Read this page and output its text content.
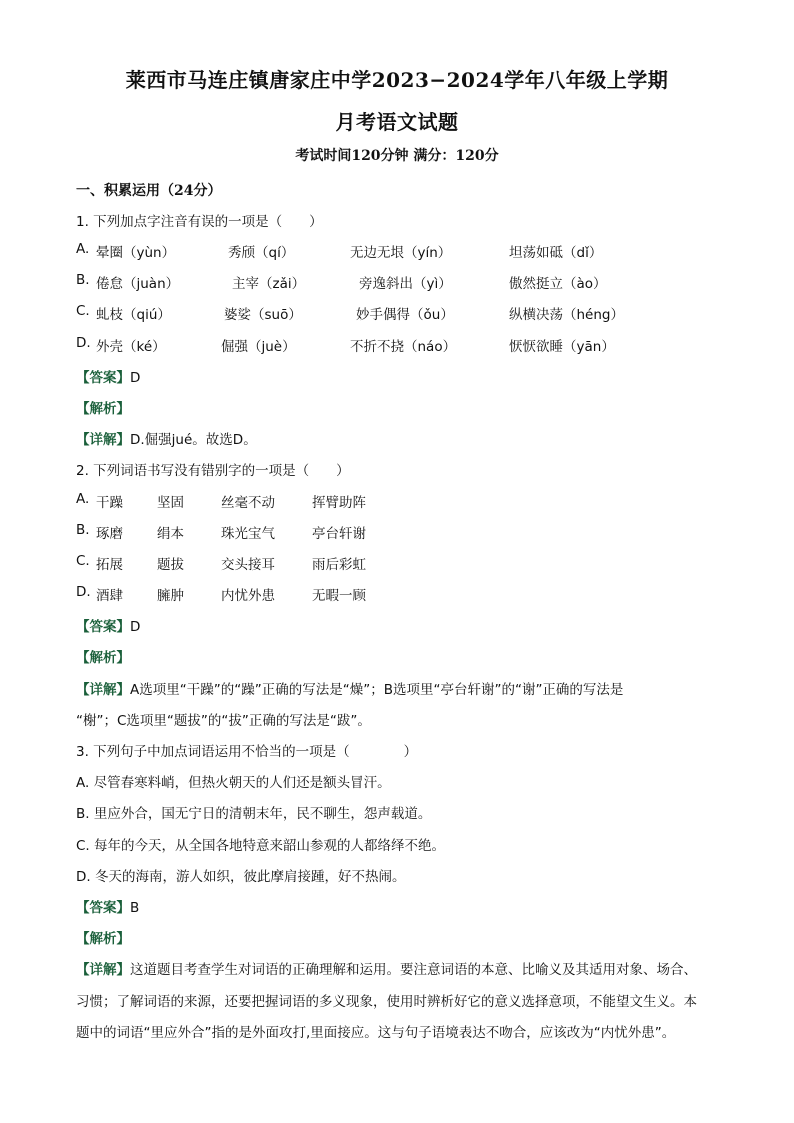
莱西市马连庄镇唐家庄中学2023−2024学年八年级上学期
月考语文试题
考试时间120分钟 满分：120分
一、积累运用（24分）
1. 下列加点字注音有误的一项是（　　）
A. 晕圈（yùn）	秀颀（qí）	无边无垠（yín）	坦荡如砥（dǐ）
B. 倦怠（juàn）	主宰（zǎi）	旁逸斜出（yì）	傲然挺立（ào）
C. 虬枝（qiú）	婆娑（suō）	妙手偶得（ǒu）	纵横决荡（héng）
D. 外壳（ké）	倔强（juè）	不折不挠（náo）	恹恹欲睡（yān）
【答案】D
【解析】
【详解】D.倔强jué。故选D。
2. 下列词语书写没有错别字的一项是（　　）
A. 干躁	坚固	丝毫不动	挥臂助阵
B. 琢磨	绢本	珠光宝气	亭台轩谢
C. 拓展	题拔	交头接耳	雨后彩虹
D. 酒肆	臃肿	内忧外患	无暇一顾
【答案】D
【解析】
【详解】A选项里“干躁”的“躁”正确的写法是“燥”；B选项里“亭台轩谢”的“谢”正确的写法是
“榭”；C选项里“题拔”的“拔”正确的写法是“跋”。
3. 下列句子中加点词语运用不恰当的一项是（　　　　）
A. 尽管春寒料峭，但热火朝天的人们还是额头冒汗。
B. 里应外合，国无宁日的清朝末年，民不聊生，怨声载道。
C. 每年的今天，从全国各地特意来韶山参观的人都络绎不绝。
D. 冬天的海南，游人如织，彼此摩肩接踵，好不热闹。
【答案】B
【解析】
【详解】这道题目考查学生对词语的正确理解和运用。要注意词语的本意、比喻义及其适用对象、场合、
习惯；了解词语的来源，还要把握词语的多义现象，使用时辨析好它的意义选择意项，不能望文生义。本
题中的词语“里应外合”指的是外面攻打,里面接应。这与句子语境表达不吻合，应该改为“内忧外患”。
